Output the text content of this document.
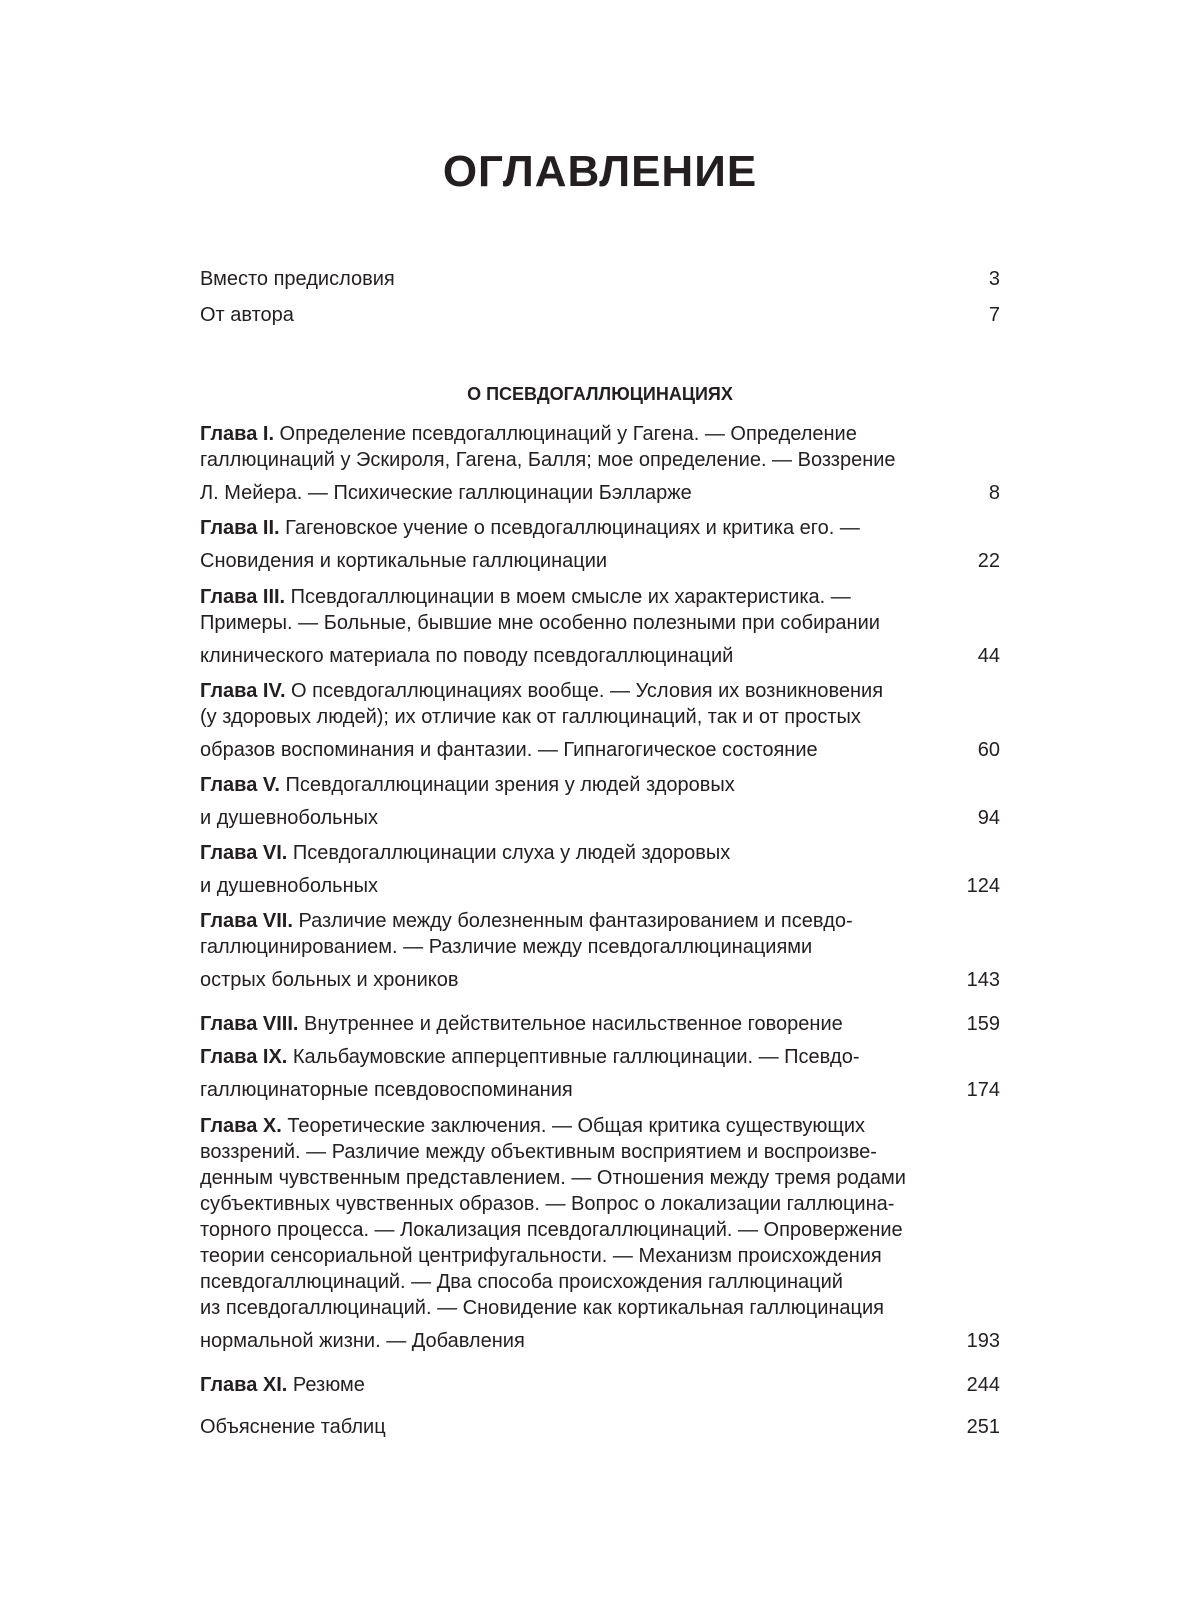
ОГЛАВЛЕНИЕ
Вместо предисловия	3
От автора	7
О ПСЕВДОГАЛЛЮЦИНАЦИЯХ
Глава I. Определение псевдогаллюцинаций у Гагена. — Определение
галлюцинаций у Эскироля, Гагена, Балля; мое определение. — Воззрение
Л. Мейера. — Психические галлюцинации Бэлларже	8
Глава II. Гагеновское учение о псевдогаллюцинациях и критика его. —
Сновидения и кортикальные галлюцинации	22
Глава III. Псевдогаллюцинации в моем смысле их характеристика. —
Примеры. — Больные, бывшие мне особенно полезными при собирании
клинического материала по поводу псевдогаллюцинаций	44
Глава IV. О псевдогаллюцинациях вообще. — Условия их возникновения
(у здоровых людей); их отличие как от галлюцинаций, так и от простых
образов воспоминания и фантазии. — Гипнагогическое состояние	60
Глава V. Псевдогаллюцинации зрения у людей здоровых
и душевнобольных	94
Глава VI. Псевдогаллюцинации слуха у людей здоровых
и душевнобольных	124
Глава VII. Различие между болезненным фантазированием и псевдо-
галлюцинированием. — Различие между псевдогаллюцинациями
острых больных и хроников	143
Глава VIII. Внутреннее и действительное насильственное говорение	159
Глава IX. Кальбаумовские апперцептивные галлюцинации. — Псевдо-
галлюцинаторные псевдовоспоминания	174
Глава X. Теоретические заключения. — Общая критика существующих
воззрений. — Различие между объективным восприятием и воспроизве-
денным чувственным представлением. — Отношения между тремя родами
субъективных чувственных образов. — Вопрос о локализации галлюцина-
торного процесса. — Локализация псевдогаллюцинаций. — Опровержение
теории сенсориальной центрифугальности. — Механизм происхождения
псевдогаллюцинаций. — Два способа происхождения галлюцинаций
из псевдогаллюцинаций. — Сновидение как кортикальная галлюцинация
нормальной жизни. — Добавления	193
Глава XI. Резюме	244
Объяснение таблиц	251
